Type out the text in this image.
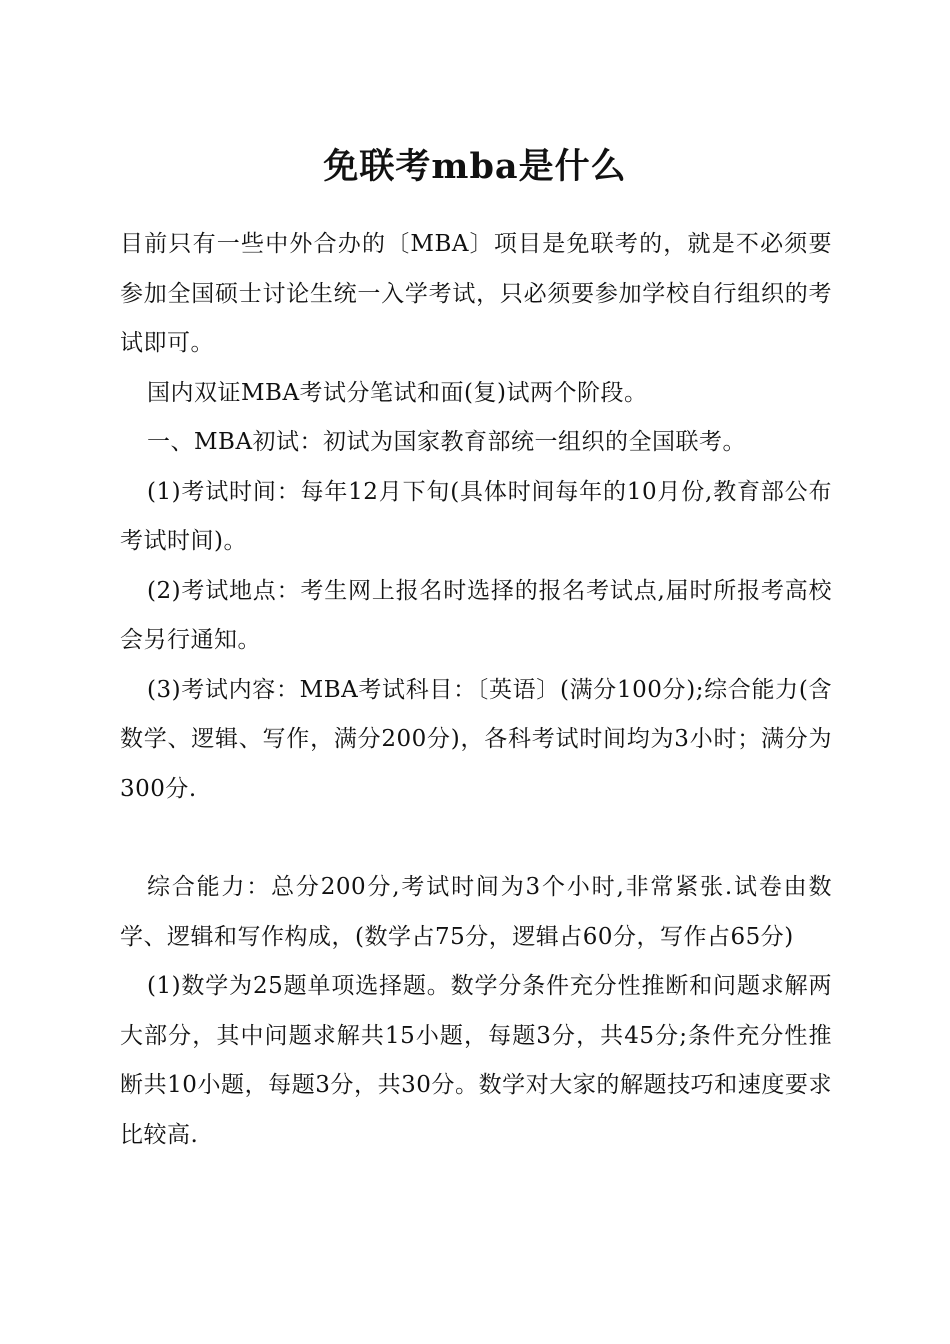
免联考mba是什么

目前只有一些中外合办的〔MBA〕项目是免联考的，就是不必须要参加全国硕士讨论生统一入学考试，只必须要参加学校自行组织的考试即可。

国内双证MBA考试分笔试和面(复)试两个阶段。

一、MBA初试：初试为国家教育部统一组织的全国联考。

(1)考试时间：每年12月下旬(具体时间每年的10月份,教育部公布考试时间)。

(2)考试地点：考生网上报名时选择的报名考试点,届时所报考高校会另行通知。

(3)考试内容：MBA考试科目：〔英语〕(满分100分);综合能力(含数学、逻辑、写作，满分200分)，各科考试时间均为3小时；满分为300分.

综合能力：总分200分,考试时间为3个小时,非常紧张.试卷由数学、逻辑和写作构成，(数学占75分，逻辑占60分，写作占65分)

(1)数学为25题单项选择题。数学分条件充分性推断和问题求解两大部分，其中问题求解共15小题，每题3分，共45分;条件充分性推断共10小题，每题3分，共30分。数学对大家的解题技巧和速度要求比较高.
